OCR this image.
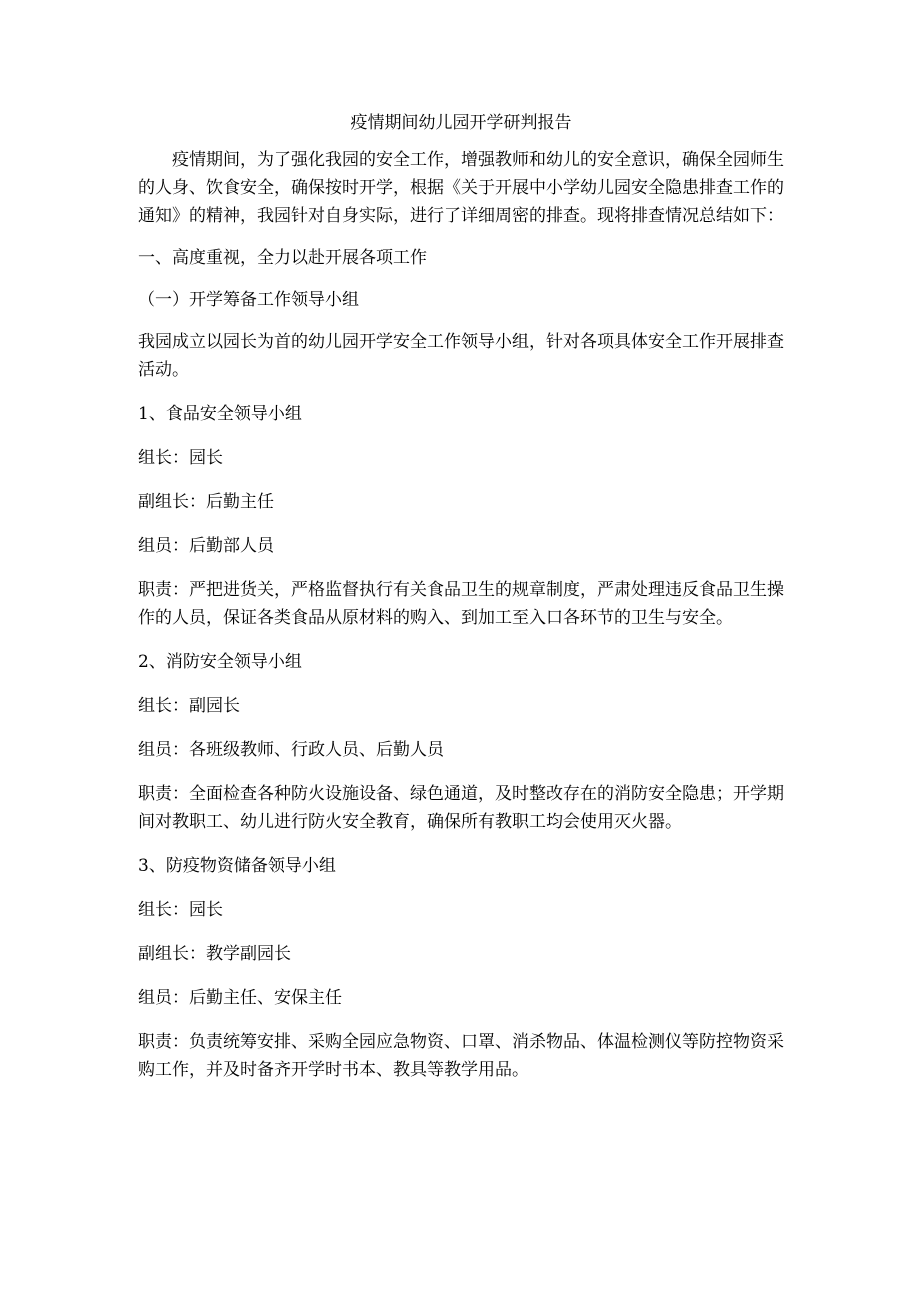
疫情期间幼儿园开学研判报告

疫情期间，为了强化我园的安全工作，增强教师和幼儿的安全意识，确保全园师生的人身、饮食安全，确保按时开学，根据《关于开展中小学幼儿园安全隐患排查工作的通知》的精神，我园针对自身实际，进行了详细周密的排查。现将排查情况总结如下：

一、高度重视，全力以赴开展各项工作

（一）开学筹备工作领导小组

我园成立以园长为首的幼儿园开学安全工作领导小组，针对各项具体安全工作开展排查活动。

1、食品安全领导小组

组长：园长

副组长：后勤主任

组员：后勤部人员

职责：严把进货关，严格监督执行有关食品卫生的规章制度，严肃处理违反食品卫生操作的人员，保证各类食品从原材料的购入、到加工至入口各环节的卫生与安全。

2、消防安全领导小组

组长：副园长

组员：各班级教师、行政人员、后勤人员

职责：全面检查各种防火设施设备、绿色通道，及时整改存在的消防安全隐患；开学期间对教职工、幼儿进行防火安全教育，确保所有教职工均会使用灭火器。

3、防疫物资储备领导小组

组长：园长

副组长：教学副园长

组员：后勤主任、安保主任

职责：负责统筹安排、采购全园应急物资、口罩、消杀物品、体温检测仪等防控物资采购工作，并及时备齐开学时书本、教具等教学用品。
